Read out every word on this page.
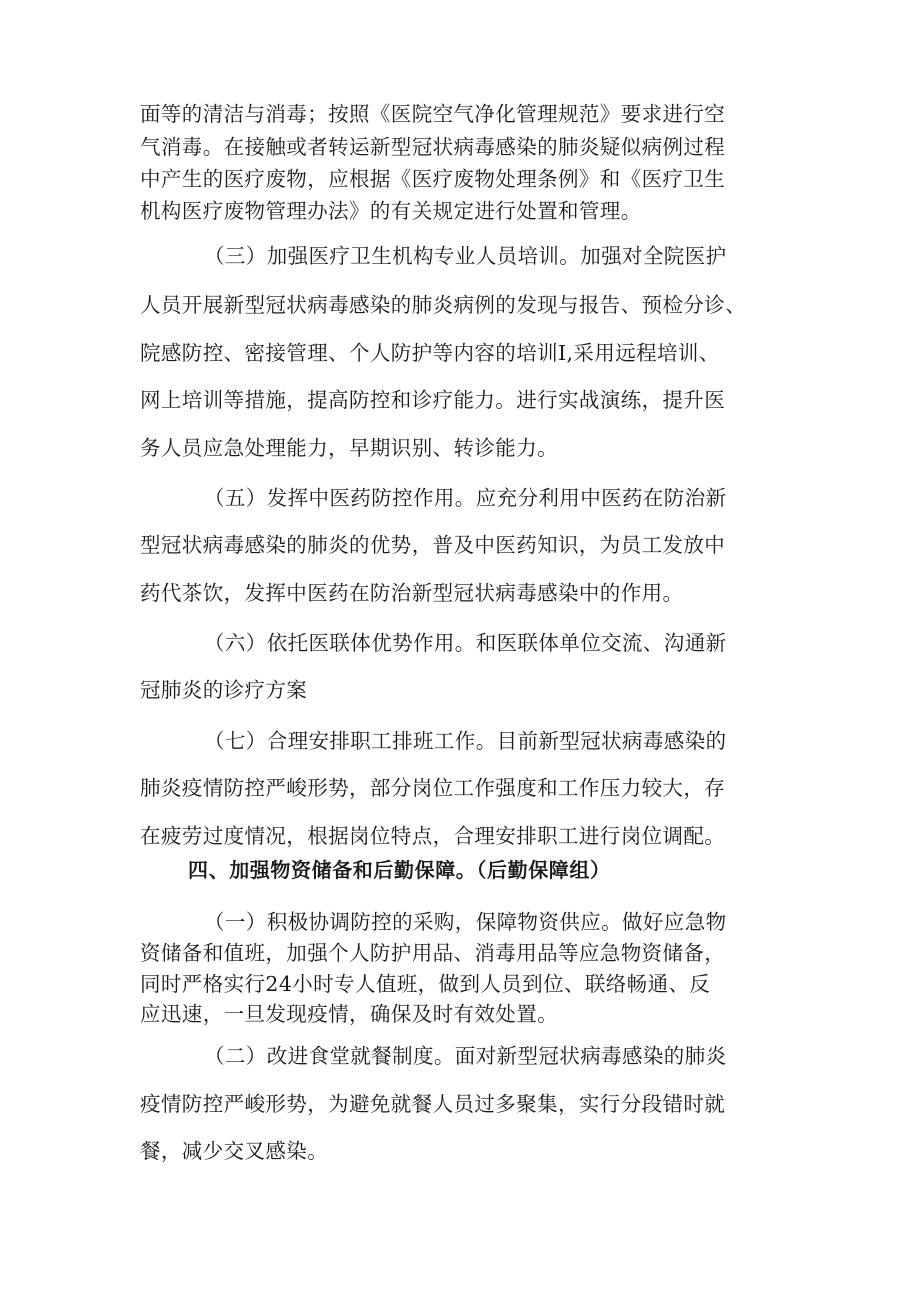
面等的清洁与消毒；按照《医院空气净化管理规范》要求进行空
气消毒。在接触或者转运新型冠状病毒感染的肺炎疑似病例过程
中产生的医疗废物，应根据《医疗废物处理条例》和《医疗卫生
机构医疗废物管理办法》的有关规定进行处置和管理。
（三）加强医疗卫生机构专业人员培训。加强对全院医护
人员开展新型冠状病毒感染的肺炎病例的发现与报告、预检分诊、
院感防控、密接管理、个人防护等内容的培训I,采用远程培训、
网上培训等措施，提高防控和诊疗能力。进行实战演练，提升医
务人员应急处理能力，早期识别、转诊能力。
（五）发挥中医药防控作用。应充分利用中医药在防治新
型冠状病毒感染的肺炎的优势，普及中医药知识，为员工发放中
药代茶饮，发挥中医药在防治新型冠状病毒感染中的作用。
（六）依托医联体优势作用。和医联体单位交流、沟通新
冠肺炎的诊疗方案
（七）合理安排职工排班工作。目前新型冠状病毒感染的
肺炎疫情防控严峻形势，部分岗位工作强度和工作压力较大，存
在疲劳过度情况，根据岗位特点，合理安排职工进行岗位调配。
四、加强物资储备和后勤保障。（后勤保障组）
（一）积极协调防控的采购，保障物资供应。做好应急物
资储备和值班，加强个人防护用品、消毒用品等应急物资储备，
同时严格实行24小时专人值班，做到人员到位、联络畅通、反
应迅速，一旦发现疫情，确保及时有效处置。
（二）改进食堂就餐制度。面对新型冠状病毒感染的肺炎
疫情防控严峻形势，为避免就餐人员过多聚集，实行分段错时就
餐，减少交叉感染。
